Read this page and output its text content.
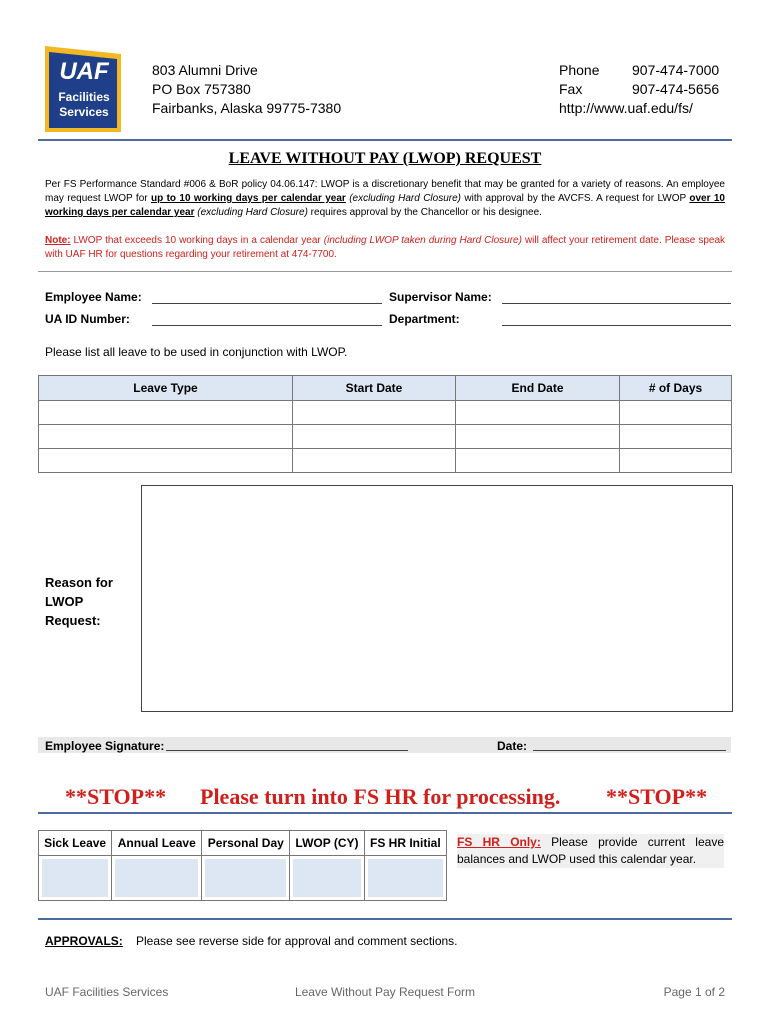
UAF
Facilities
Services
803 Alumni Drive
PO Box 757380
Fairbanks, Alaska 99775-7380
Phone	907-474-7000
Fax	907-474-5656
http://www.uaf.edu/fs/
LEAVE WITHOUT PAY (LWOP) REQUEST
Per FS Performance Standard #006 & BoR policy 04.06.147: LWOP is a discretionary benefit that may be granted for a variety of reasons. An employee may request LWOP for up to 10 working days per calendar year (excluding Hard Closure) with approval by the AVCFS. A request for LWOP over 10 working days per calendar year (excluding Hard Closure) requires approval by the Chancellor or his designee.
Note: LWOP that exceeds 10 working days in a calendar year (including LWOP taken during Hard Closure) will affect your retirement date. Please speak with UAF HR for questions regarding your retirement at 474-7700.
Employee Name:
UA ID Number:
Supervisor Name:
Department:
Please list all leave to be used in conjunction with LWOP.
Leave Type	Start Date	End Date	# of Days

Reason for
LWOP
Request:
Employee Signature:	Date:
**STOP** Please turn into FS HR for processing. **STOP**
Sick Leave	Annual Leave	Personal Day	LWOP (CY)	FS HR Initial

	FS HR Only: Please provide current leave balances and LWOP used this calendar year.
APPROVALS: Please see reverse side for approval and comment sections.
UAF Facilities Services	Leave Without Pay Request Form	Page 1 of 2
